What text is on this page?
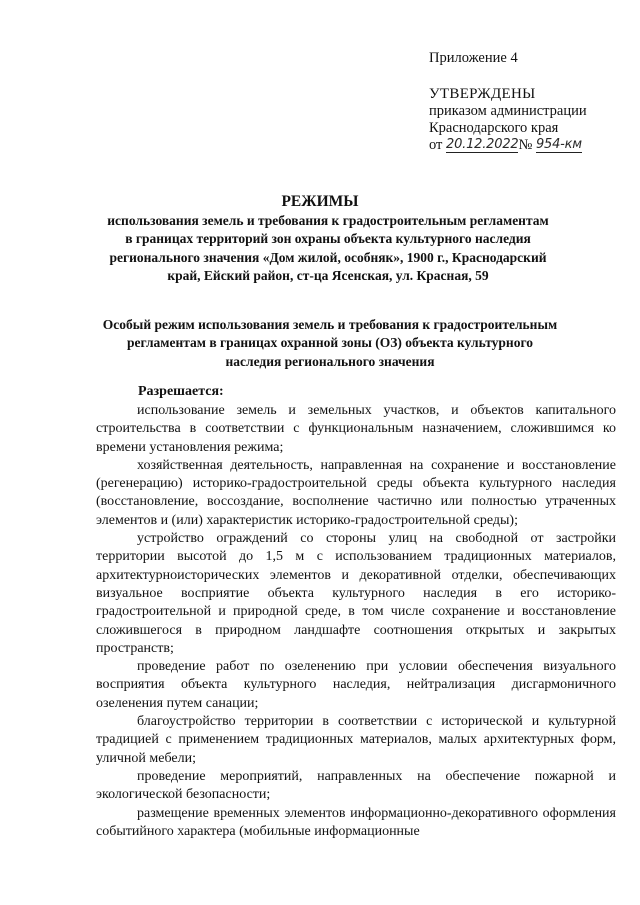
Приложение 4
УТВЕРЖДЕНЫ
приказом администрации
Краснодарского края
от 20.12.2022№ 954-км
РЕЖИМЫ
использования земель и требования к градостроительным регламентам в границах территорий зон охраны объекта культурного наследия регионального значения «Дом жилой, особняк», 1900 г., Краснодарский край, Ейский район, ст-ца Ясенская, ул. Красная, 59
Особый режим использования земель и требования к градостроительным регламентам в границах охранной зоны (ОЗ) объекта культурного наследия регионального значения
Разрешается:

использование земель и земельных участков, и объектов капитального строительства в соответствии с функциональным назначением, сложившимся ко времени установления режима;

хозяйственная деятельность, направленная на сохранение и восстановление (регенерацию) историко-градостроительной среды объекта культурного наследия (восстановление, воссоздание, восполнение частично или полностью утраченных элементов и (или) характеристик историко-градостроительной среды);

устройство ограждений со стороны улиц на свободной от застройки территории высотой до 1,5 м с использованием традиционных материалов, архитектурноисторических элементов и декоративной отделки, обеспечивающих визуальное восприятие объекта культурного наследия в его историко-градостроительной и природной среде, в том числе сохранение и восстановление сложившегося в природном ландшафте соотношения открытых и закрытых пространств;

проведение работ по озеленению при условии обеспечения визуального восприятия объекта культурного наследия, нейтрализация дисгармоничного озеленения путем санации;

благоустройство территории в соответствии с исторической и культурной традицией с применением традиционных материалов, малых архитектурных форм, уличной мебели;

проведение мероприятий, направленных на обеспечение пожарной и экологической безопасности;

размещение временных элементов информационно-декоративного оформления событийного характера (мобильные информационные
